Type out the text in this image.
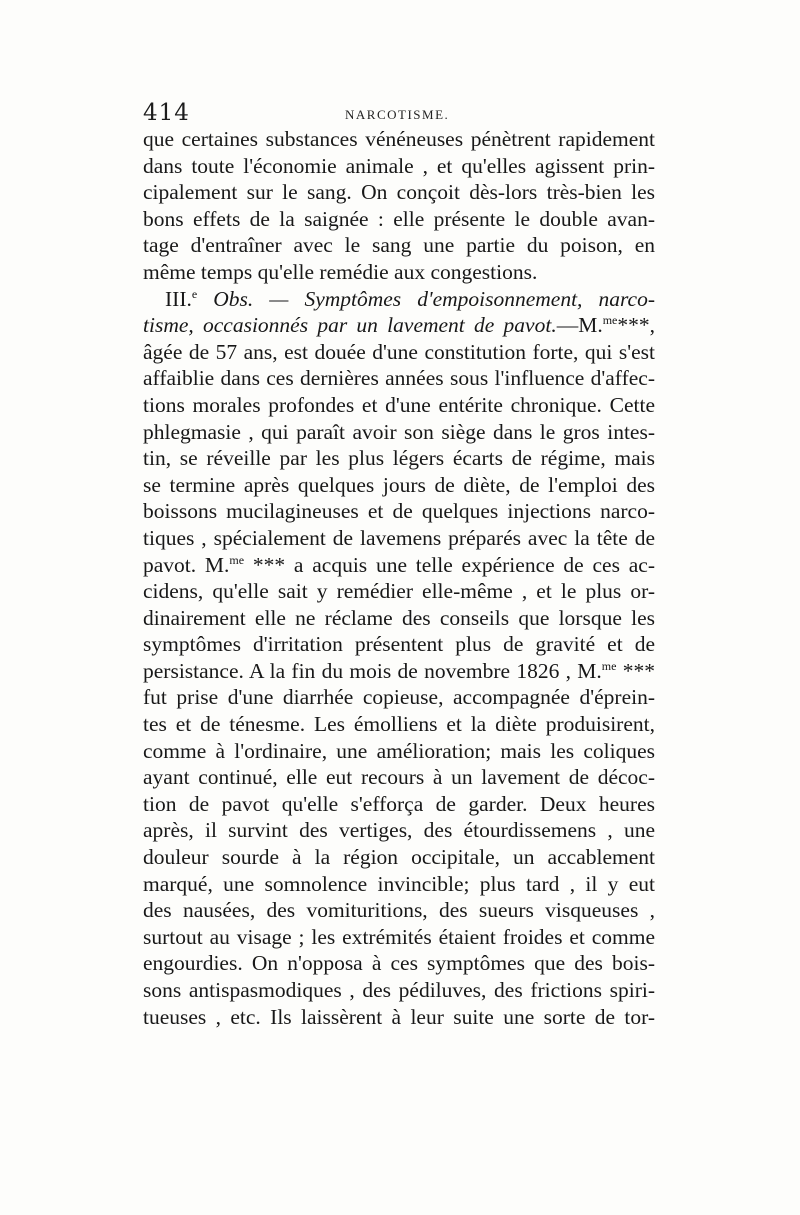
414	NARCOTISME.
que certaines substances vénéneuses pénètrent rapidement
dans toute l'économie animale , et qu'elles agissent prin-
cipalement sur le sang. On conçoit dès-lors très-bien les
bons effets de la saignée : elle présente le double avan-
tage d'entraîner avec le sang une partie du poison, en
même temps qu'elle remédie aux congestions.
III.$^e$ Obs. — Symptômes d'empoisonnement, narco-
tisme, occasionnés par un lavement de pavot.—M.$^{me}$***,
âgée de 57 ans, est douée d'une constitution forte, qui s'est
affaiblie dans ces dernières années sous l'influence d'affec-
tions morales profondes et d'une entérite chronique. Cette
phlegmasie , qui paraît avoir son siège dans le gros intes-
tin, se réveille par les plus légers écarts de régime, mais
se termine après quelques jours de diète, de l'emploi des
boissons mucilagineuses et de quelques injections narco-
tiques , spécialement de lavemens préparés avec la tête de
pavot. M.$^{me}$ *** a acquis une telle expérience de ces ac-
cidens, qu'elle sait y remédier elle-même , et le plus or-
dinairement elle ne réclame des conseils que lorsque les
symptômes d'irritation présentent plus de gravité et de
persistance. A la fin du mois de novembre 1826 , M.$^{me}$ ***
fut prise d'une diarrhée copieuse, accompagnée d'éprein-
tes et de ténesme. Les émolliens et la diète produisirent,
comme à l'ordinaire, une amélioration; mais les coliques
ayant continué, elle eut recours à un lavement de décoc-
tion de pavot qu'elle s'efforça de garder. Deux heures
après, il survint des vertiges, des étourdissemens , une
douleur sourde à la région occipitale, un accablement
marqué, une somnolence invincible; plus tard , il y eut
des nausées, des vomituritions, des sueurs visqueuses ,
surtout au visage ; les extrémités étaient froides et comme
engourdies. On n'opposa à ces symptômes que des bois-
sons antispasmodiques , des pédiluves, des frictions spiri-
tueuses , etc. Ils laissèrent à leur suite une sorte de tor-
